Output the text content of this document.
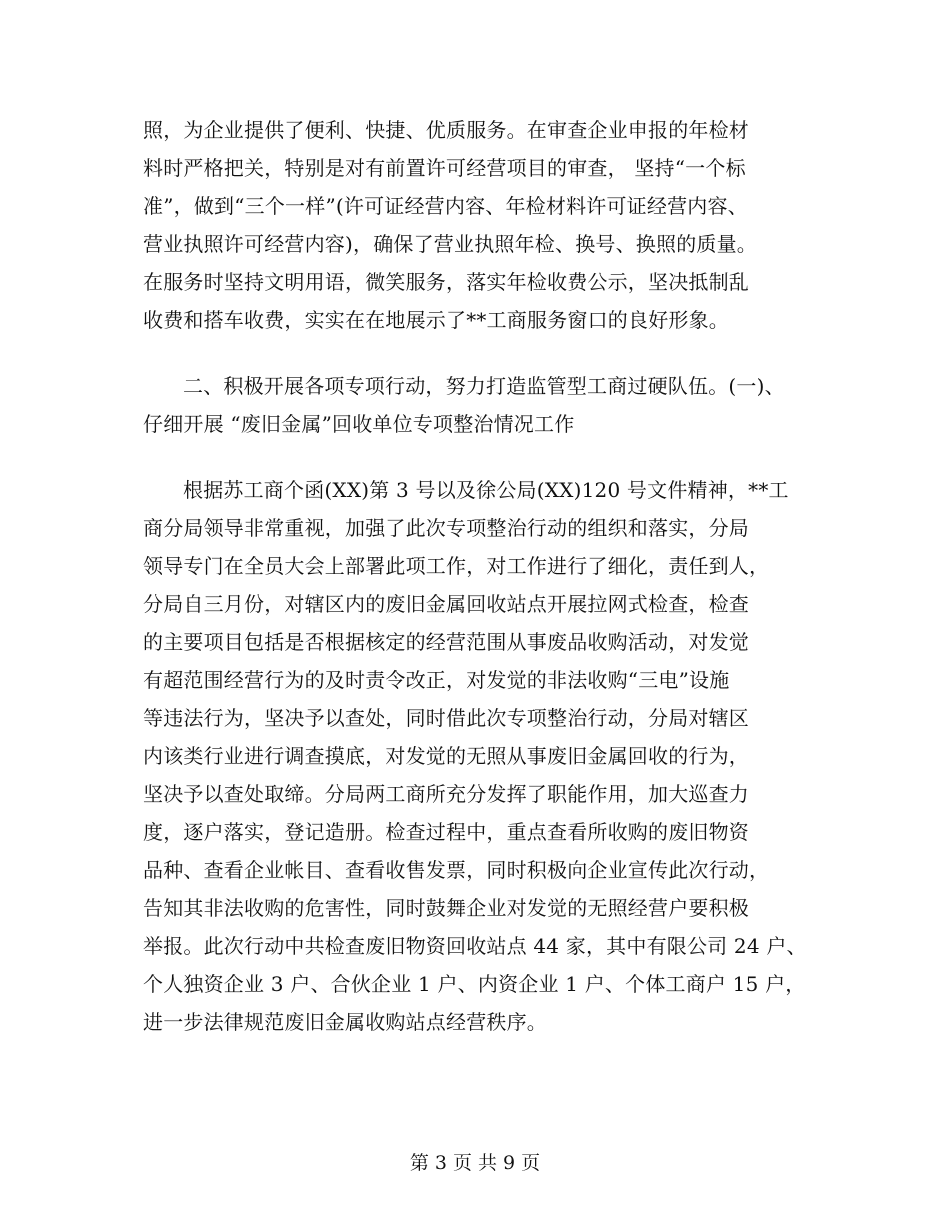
照，为企业提供了便利、快捷、优质服务。在审查企业申报的年检材
料时严格把关，特别是对有前置许可经营项目的审查， 坚持“一个标
准”，做到“三个一样”(许可证经营内容、年检材料许可证经营内容、
营业执照许可经营内容)，确保了营业执照年检、换号、换照的质量。
在服务时坚持文明用语，微笑服务，落实年检收费公示，坚决抵制乱
收费和搭车收费，实实在在地展示了**工商服务窗口的良好形象。
二、积极开展各项专项行动，努力打造监管型工商过硬队伍。(一)、
仔细开展 “废旧金属”回收单位专项整治情况工作
根据苏工商个函(XX)第 3 号以及徐公局(XX)120 号文件精神，**工
商分局领导非常重视，加强了此次专项整治行动的组织和落实，分局
领导专门在全员大会上部署此项工作，对工作进行了细化，责任到人，
分局自三月份，对辖区内的废旧金属回收站点开展拉网式检查，检查
的主要项目包括是否根据核定的经营范围从事废品收购活动，对发觉
有超范围经营行为的及时责令改正，对发觉的非法收购“三电”设施
等违法行为，坚决予以查处，同时借此次专项整治行动，分局对辖区
内该类行业进行调查摸底，对发觉的无照从事废旧金属回收的行为，
坚决予以查处取缔。分局两工商所充分发挥了职能作用，加大巡查力
度，逐户落实，登记造册。检查过程中，重点查看所收购的废旧物资
品种、查看企业帐目、查看收售发票，同时积极向企业宣传此次行动，
告知其非法收购的危害性，同时鼓舞企业对发觉的无照经营户要积极
举报。此次行动中共检查废旧物资回收站点 44 家，其中有限公司 24 户、
个人独资企业 3 户、合伙企业 1 户、内资企业 1 户、个体工商户 15 户，
进一步法律规范废旧金属收购站点经营秩序。
第 3 页 共 9 页
